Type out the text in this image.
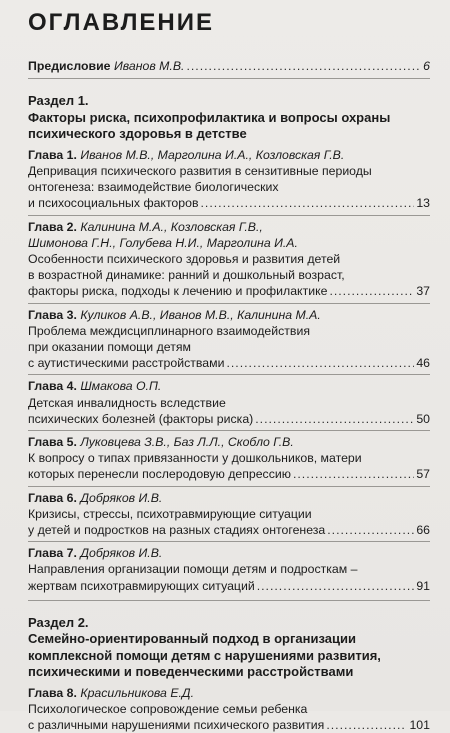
ОГЛАВЛЕНИЕ
Предисловие Иванов М.В. .....	6
Раздел 1.
Факторы риска, психопрофилактика и вопросы охраны
психического здоровья в детстве
Глава 1. Иванов М.В., Марголина И.А., Козловская Г.В.
Депривация психического развития в сензитивные периоды
онтогенеза: взаимодействие биологических
и психосоциальных факторов .....	13
Глава 2. Калинина М.А., Козловская Г.В.,
Шимонова Г.Н., Голубева Н.И., Марголина И.А.
Особенности психического здоровья и развития детей
в возрастной динамике: ранний и дошкольный возраст,
факторы риска, подходы к лечению и профилактике .....	37
Глава 3. Куликов А.В., Иванов М.В., Калинина М.А.
Проблема междисциплинарного взаимодействия
при оказании помощи детям
с аутистическими расстройствами .....	46
Глава 4. Шмакова О.П.
Детская инвалидность вследствие
психических болезней (факторы риска) .....	50
Глава 5. Луковцева З.В., Баз Л.Л., Скобло Г.В.
К вопросу о типах привязанности у дошкольников, матери
которых перенесли послеродовую депрессию .....	57
Глава 6. Добряков И.В.
Кризисы, стрессы, психотравмирующие ситуации
у детей и подростков на разных стадиях онтогенеза .....	66
Глава 7. Добряков И.В.
Направления организации помощи детям и подросткам –
жертвам психотравмирующих ситуаций .....	91
Раздел 2.
Семейно-ориентированный подход в организации
комплексной помощи детям с нарушениями развития,
психическими и поведенческими расстройствами
Глава 8. Красильникова Е.Д.
Психологическое сопровождение семьи ребенка
с различными нарушениями психического развития .....	101
